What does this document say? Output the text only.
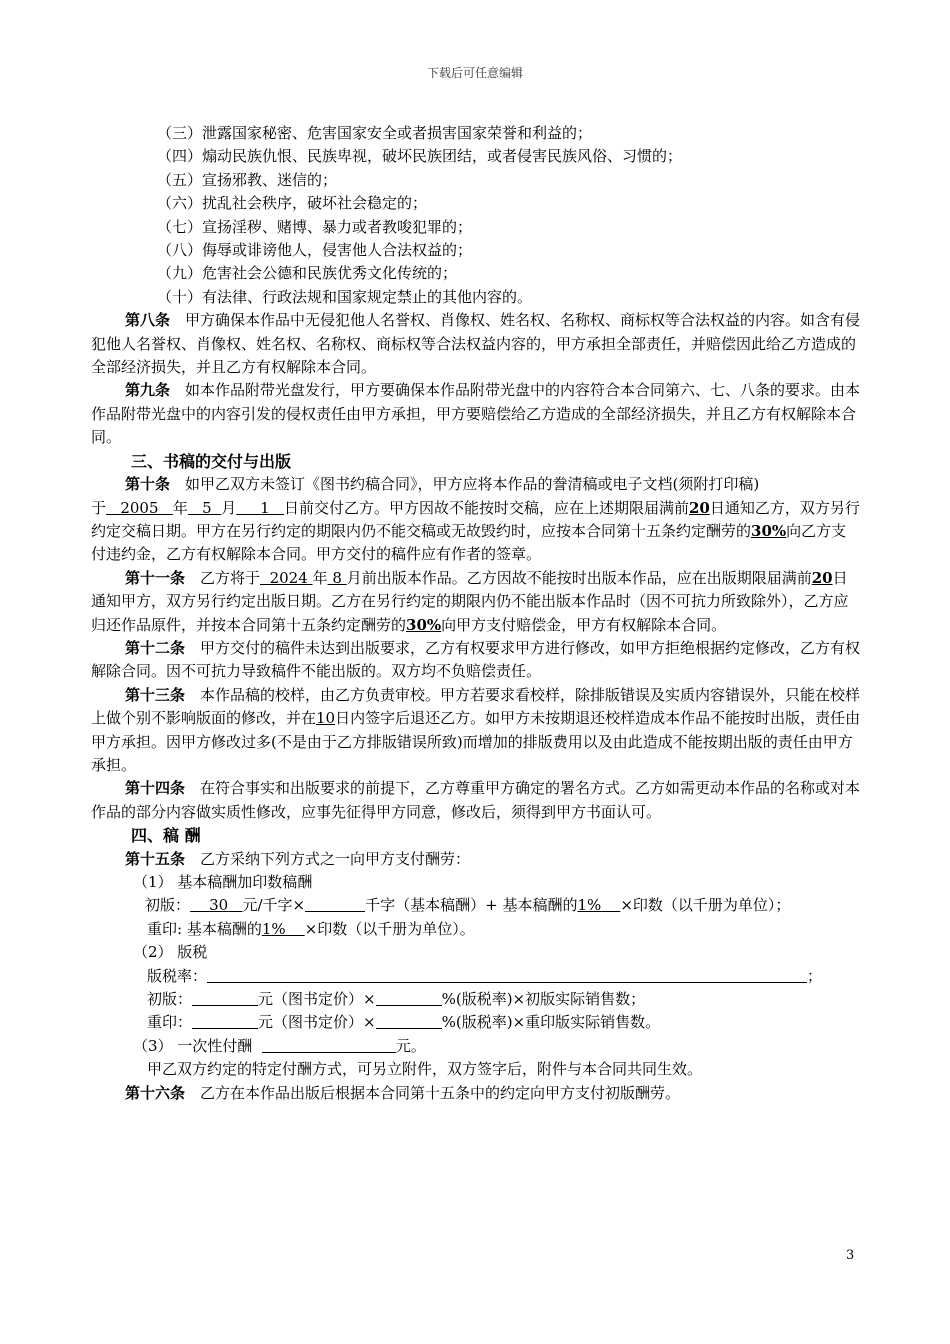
下载后可任意编辑

（三）泄露国家秘密、危害国家安全或者损害国家荣誉和利益的；

（四）煽动民族仇恨、民族卑视，破坏民族团结，或者侵害民族风俗、习惯的；

（五）宣扬邪教、迷信的；

（六）扰乱社会秩序，破坏社会稳定的；

（七）宣扬淫秽、赌博、暴力或者教唆犯罪的；

（八）侮辱或诽谤他人，侵害他人合法权益的；

（九）危害社会公德和民族优秀文化传统的；

（十）有法律、行政法规和国家规定禁止的其他内容的。

第八条　 甲方确保本作品中无侵犯他人名誉权、肖像权、姓名权、名称权、商标权等合法权益的内容。如含有侵犯他人名誉权、肖像权、姓名权、名称权、商标权等合法权益内容的，甲方承担全部责任，并赔偿因此给乙方造成的全部经济损失，并且乙方有权解除本合同。

第九条　 如本作品附带光盘发行，甲方要确保本作品附带光盘中的内容符合本合同第六、七、八条的要求。由本作品附带光盘中的内容引发的侵权责任由甲方承担，甲方要赔偿给乙方造成的全部经济损失，并且乙方有权解除本合同。

三、书稿的交付与出版

第十条　 如甲乙双方未签订《图书约稿合同》，甲方应将本作品的誊清稿或电子文档(须附打印稿)于 2005 年 5 月 1 日前交付乙方。甲方因故不能按时交稿，应在上述期限届满前20日通知乙方，双方另行约定交稿日期。甲方在另行约定的期限内仍不能交稿或无故毁约时，应按本合同第十五条约定酬劳的30%向乙方支付违约金，乙方有权解除本合同。甲方交付的稿件应有作者的签章。

第十一条　 乙方将于 2024 年 8 月前出版本作品。乙方因故不能按时出版本作品，应在出版期限届满前20日通知甲方，双方另行约定出版日期。乙方在另行约定的期限内仍不能出版本作品时（因不可抗力所致除外），乙方应归还作品原件，并按本合同第十五条约定酬劳的30%向甲方支付赔偿金，甲方有权解除本合同。

第十二条　 甲方交付的稿件未达到出版要求，乙方有权要求甲方进行修改，如甲方拒绝根据约定修改，乙方有权解除合同。因不可抗力导致稿件不能出版的。双方均不负赔偿责任。

第十三条　 本作品稿的校样，由乙方负责审校。甲方若要求看校样，除排版错误及实质内容错误外，只能在校样上做个别不影响版面的修改，并在10日内签字后退还乙方。如甲方未按期退还校样造成本作品不能按时出版，责任由甲方承担。因甲方修改过多(不是由于乙方排版错误所致)而增加的排版费用以及由此造成不能按期出版的责任由甲方承担。

第十四条　 在符合事实和出版要求的前提下，乙方尊重甲方确定的署名方式。乙方如需更动本作品的名称或对本作品的部分内容做实质性修改，应事先征得甲方同意，修改后，须得到甲方书面认可。

四、稿 酬

第十五条　 乙方采纳下列方式之一向甲方支付酬劳：

（1） 基本稿酬加印数稿酬

初版： 30 元/千字×	千字（基本稿酬）+ 基本稿酬的1% ×印数（以千册为单位）；

重印: 基本稿酬的1% ×印数（以千册为单位）。

（2） 版税

版税率：	；

初版：	元（图书定价）×	%(版税率)×初版实际销售数；

重印：	元（图书定价）×	%(版税率)×重印版实际销售数。

（3） 一次性付酬	元。

甲乙双方约定的特定付酬方式，可另立附件，双方签字后，附件与本合同共同生效。

第十六条　 乙方在本作品出版后根据本合同第十五条中的约定向甲方支付初版酬劳。

3
